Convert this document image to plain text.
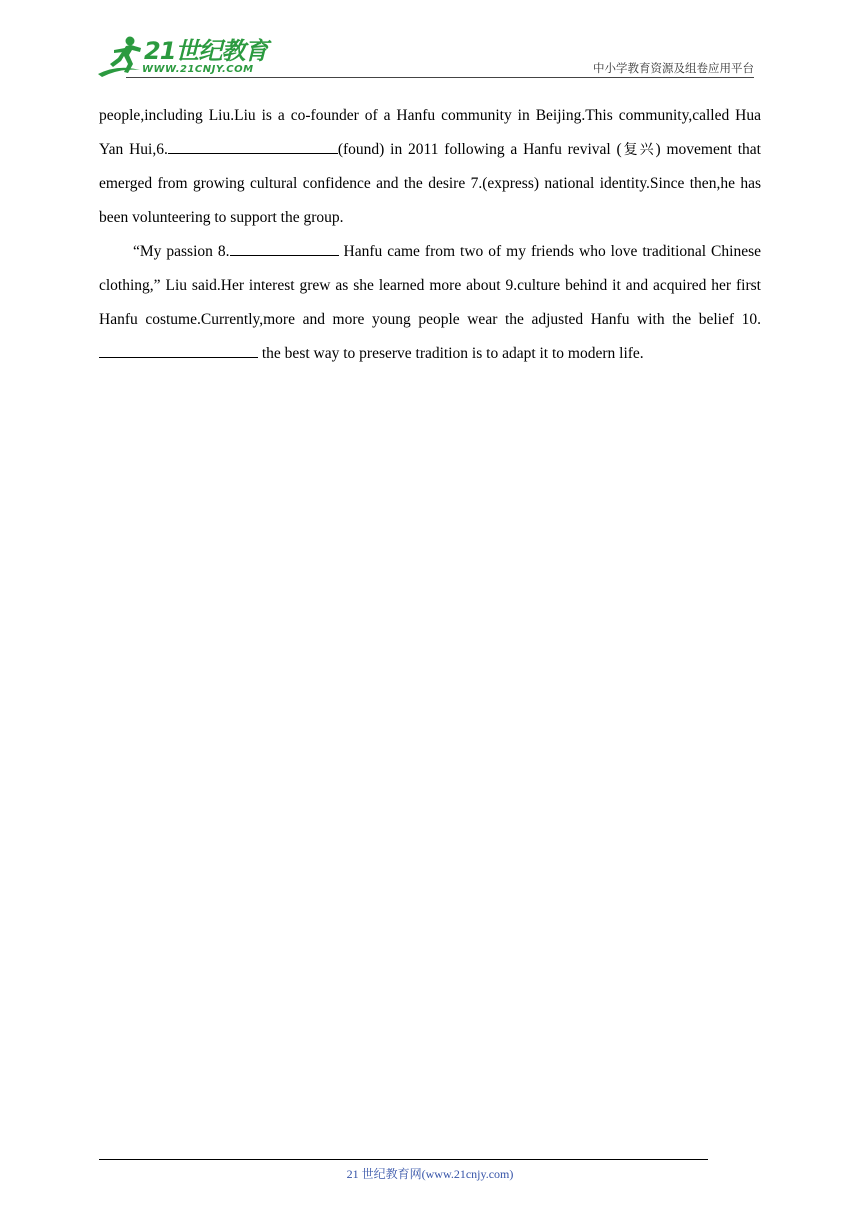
21世纪教育
WWW.21CNJY.COM	中小学教育资源及组卷应用平台

people,including Liu.Liu is a co-founder of a Hanfu community in Beijing.This community,called Hua Yan Hui,6.	(found) in 2011 following a Hanfu revival (复兴) movement that emerged from growing cultural confidence and the desire 7.(express) national identity.Since then,he has been volunteering to support the group.

“My passion 8.	Hanfu came from two of my friends who love traditional Chinese clothing,” Liu said.Her interest grew as she learned more about 9.culture behind it and acquired her first Hanfu costume.Currently,more and more young people wear the adjusted Hanfu with the belief 10. the best way to preserve tradition is to adapt it to modern life.

21 世纪教育网(www.21cnjy.com)
